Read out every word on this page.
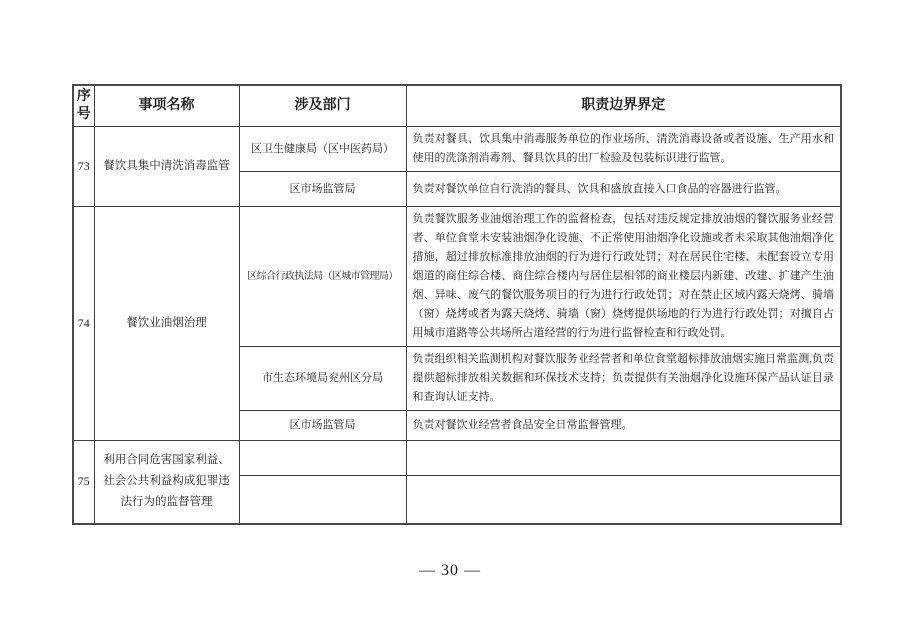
序号	事项名称	涉及部门	职责边界界定
73	餐饮具集中清洗消毒监管	区卫生健康局（区中医药局）	负责对餐具、饮具集中消毒服务单位的作业场所、清洗消毒设备或者设施、生产用水和使用的洗涤剂消毒剂、餐具饮具的出厂检验及包装标识进行监管。
		区市场监管局	负责对餐饮单位自行洗消的餐具、饮具和盛放直接入口食品的容器进行监管。
74	餐饮业油烟治理	区综合行政执法局（区城市管理局）	负责餐饮服务业油烟治理工作的监督检查，包括对违反规定排放油烟的餐饮服务业经营者、单位食堂未安装油烟净化设施、不正常使用油烟净化设施或者未采取其他油烟净化措施，超过排放标准排放油烟的行为进行行政处罚；对在居民住宅楼、未配套设立专用烟道的商住综合楼、商住综合楼内与居住层相邻的商业楼层内新建、改建、扩建产生油烟、异味、废气的餐饮服务项目的行为进行行政处罚；对在禁止区域内露天烧烤、骑墙（窗）烧烤或者为露天烧烤、骑墙（窗）烧烤提供场地的行为进行行政处罚；对擅自占用城市道路等公共场所占道经营的行为进行监督检查和行政处罚。
		市生态环境局兖州区分局	负责组织相关监测机构对餐饮服务业经营者和单位食堂超标排放油烟实施日常监测,负责提供超标排放相关数据和环保技术支持；负责提供有关油烟净化设施环保产品认证目录和查询认证支持。
		区市场监管局	负责对餐饮业经营者食品安全日常监督管理。
75	利用合同危害国家利益、社会公共利益构成犯罪违法行为的监督管理		

— 30 —
